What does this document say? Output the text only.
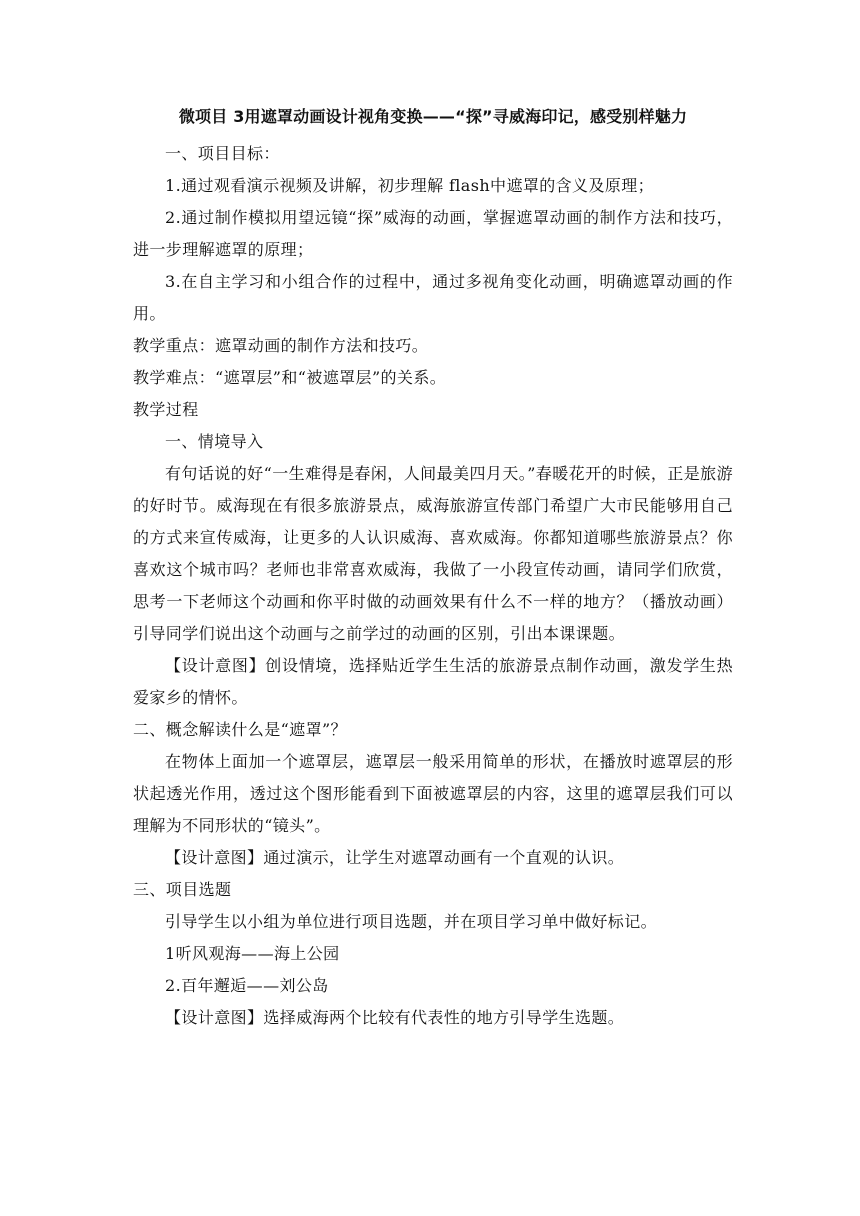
微项目 3用遮罩动画设计视角变换——“探”寻威海印记，感受别样魅力

一、项目目标：

1.通过观看演示视频及讲解，初步理解 flash中遮罩的含义及原理；

2.通过制作模拟用望远镜“探”威海的动画，掌握遮罩动画的制作方法和技巧，进一步理解遮罩的原理；

3.在自主学习和小组合作的过程中，通过多视角变化动画，明确遮罩动画的作用。

教学重点：遮罩动画的制作方法和技巧。

教学难点：“遮罩层”和“被遮罩层”的关系。

教学过程

一、情境导入

有句话说的好“一生难得是春闲，人间最美四月天。”春暖花开的时候，正是旅游的好时节。威海现在有很多旅游景点，威海旅游宣传部门希望广大市民能够用自己的方式来宣传威海，让更多的人认识威海、喜欢威海。你都知道哪些旅游景点？你喜欢这个城市吗？老师也非常喜欢威海，我做了一小段宣传动画，请同学们欣赏，思考一下老师这个动画和你平时做的动画效果有什么不一样的地方？（播放动画）引导同学们说出这个动画与之前学过的动画的区别，引出本课课题。

【设计意图】创设情境，选择贴近学生生活的旅游景点制作动画，激发学生热爱家乡的情怀。

二、概念解读什么是“遮罩”？

在物体上面加一个遮罩层，遮罩层一般采用简单的形状，在播放时遮罩层的形状起透光作用，透过这个图形能看到下面被遮罩层的内容，这里的遮罩层我们可以理解为不同形状的“镜头”。

【设计意图】通过演示，让学生对遮罩动画有一个直观的认识。

三、项目选题

引导学生以小组为单位进行项目选题，并在项目学习单中做好标记。

1听风观海——海上公园

2.百年邂逅——刘公岛

【设计意图】选择威海两个比较有代表性的地方引导学生选题。
